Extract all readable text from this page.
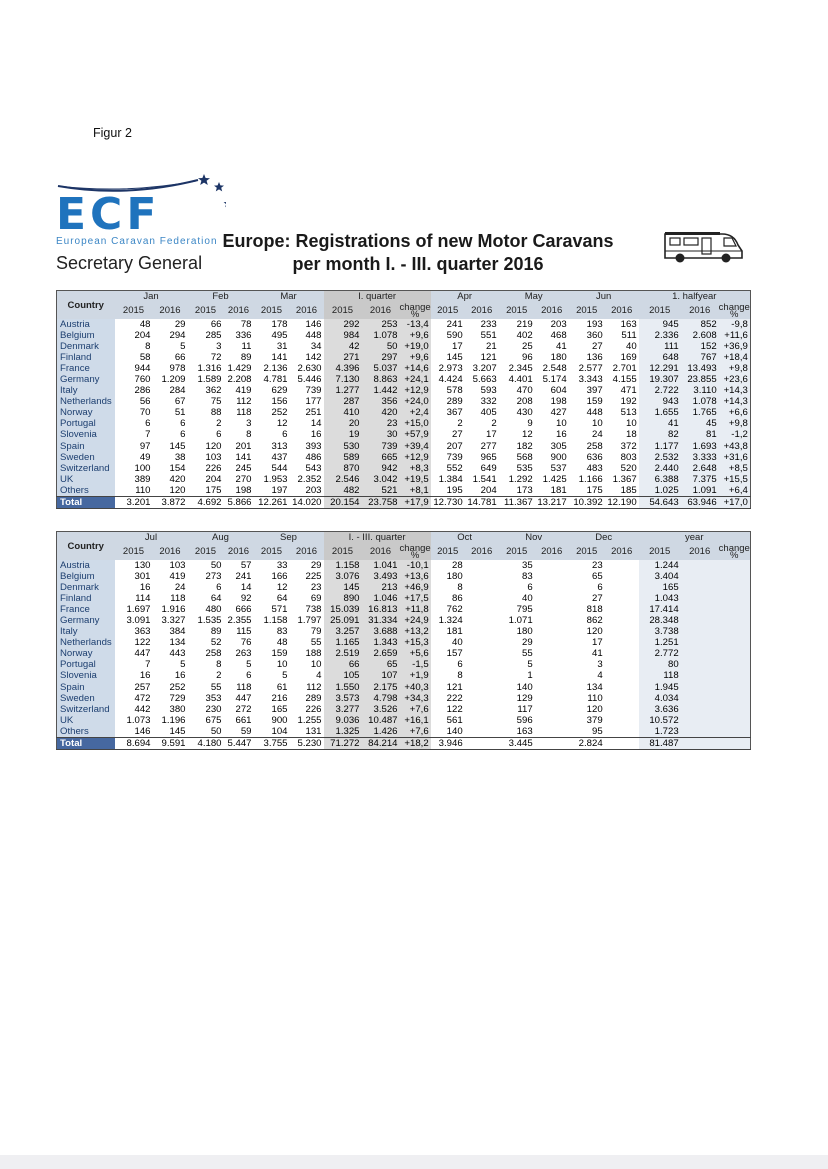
Figur 2
ECF
European Caravan Federation
Secretary General
Europe: Registrations of new Motor Caravans
per month I. - III. quarter 2016
Country	Jan		Feb		Mar		I. quarter			Apr		May		Jun		1. halfyear		
	2015	2016	2015	2016	2015	2016	2015	2016	change %	2015	2016	2015	2016	2015	2016	2015	2016	change %
Austria	48	29	66	78	178	146	292	253	-13,4	241	233	219	203	193	163	945	852	-9,8
Belgium	204	294	285	336	495	448	984	1.078	+9,6	590	551	402	468	360	511	2.336	2.608	+11,6
Denmark	8	5	3	11	31	34	42	50	+19,0	17	21	25	41	27	40	111	152	+36,9
Finland	58	66	72	89	141	142	271	297	+9,6	145	121	96	180	136	169	648	767	+18,4
France	944	978	1.316	1.429	2.136	2.630	4.396	5.037	+14,6	2.973	3.207	2.345	2.548	2.577	2.701	12.291	13.493	+9,8
Germany	760	1.209	1.589	2.208	4.781	5.446	7.130	8.863	+24,1	4.424	5.663	4.401	5.174	3.343	4.155	19.307	23.855	+23,6
Italy	286	284	362	419	629	739	1.277	1.442	+12,9	578	593	470	604	397	471	2.722	3.110	+14,3
Netherlands	56	67	75	112	156	177	287	356	+24,0	289	332	208	198	159	192	943	1.078	+14,3
Norway	70	51	88	118	252	251	410	420	+2,4	367	405	430	427	448	513	1.655	1.765	+6,6
Portugal	6	6	2	3	12	14	20	23	+15,0	2	2	9	10	10	10	41	45	+9,8
Slovenia	7	6	6	8	6	16	19	30	+57,9	27	17	12	16	24	18	82	81	-1,2
Spain	97	145	120	201	313	393	530	739	+39,4	207	277	182	305	258	372	1.177	1.693	+43,8
Sweden	49	38	103	141	437	486	589	665	+12,9	739	965	568	900	636	803	2.532	3.333	+31,6
Switzerland	100	154	226	245	544	543	870	942	+8,3	552	649	535	537	483	520	2.440	2.648	+8,5
UK	389	420	204	270	1.953	2.352	2.546	3.042	+19,5	1.384	1.541	1.292	1.425	1.166	1.367	6.388	7.375	+15,5
Others	110	120	175	198	197	203	482	521	+8,1	195	204	173	181	175	185	1.025	1.091	+6,4
Total	3.201	3.872	4.692	5.866	12.261	14.020	20.154	23.758	+17,9	12.730	14.781	11.367	13.217	10.392	12.190	54.643	63.946	+17,0
Country	Jul		Aug		Sep		I. - III. quarter			Oct		Nov		Dec		year		
	2015	2016	2015	2016	2015	2016	2015	2016	change %	2015	2016	2015	2016	2015	2016	2015	2016	change %
Austria	130	103	50	57	33	29	1.158	1.041	-10,1	28		35		23		1.244		
Belgium	301	419	273	241	166	225	3.076	3.493	+13,6	180		83		65		3.404		
Denmark	16	24	6	14	12	23	145	213	+46,9	8		6		6		165		
Finland	114	118	64	92	64	69	890	1.046	+17,5	86		40		27		1.043		
France	1.697	1.916	480	666	571	738	15.039	16.813	+11,8	762		795		818		17.414		
Germany	3.091	3.327	1.535	2.355	1.158	1.797	25.091	31.334	+24,9	1.324		1.071		862		28.348		
Italy	363	384	89	115	83	79	3.257	3.688	+13,2	181		180		120		3.738		
Netherlands	122	134	52	76	48	55	1.165	1.343	+15,3	40		29		17		1.251		
Norway	447	443	258	263	159	188	2.519	2.659	+5,6	157		55		41		2.772		
Portugal	7	5	8	5	10	10	66	65	-1,5	6		5		3		80		
Slovenia	16	16	2	6	5	4	105	107	+1,9	8		1		4		118		
Spain	257	252	55	118	61	112	1.550	2.175	+40,3	121		140		134		1.945		
Sweden	472	729	353	447	216	289	3.573	4.798	+34,3	222		129		110		4.034		
Switzerland	442	380	230	272	165	226	3.277	3.526	+7,6	122		117		120		3.636		
UK	1.073	1.196	675	661	900	1.255	9.036	10.487	+16,1	561		596		379		10.572		
Others	146	145	50	59	104	131	1.325	1.426	+7,6	140		163		95		1.723		
Total	8.694	9.591	4.180	5.447	3.755	5.230	71.272	84.214	+18,2	3.946		3.445		2.824		81.487		
